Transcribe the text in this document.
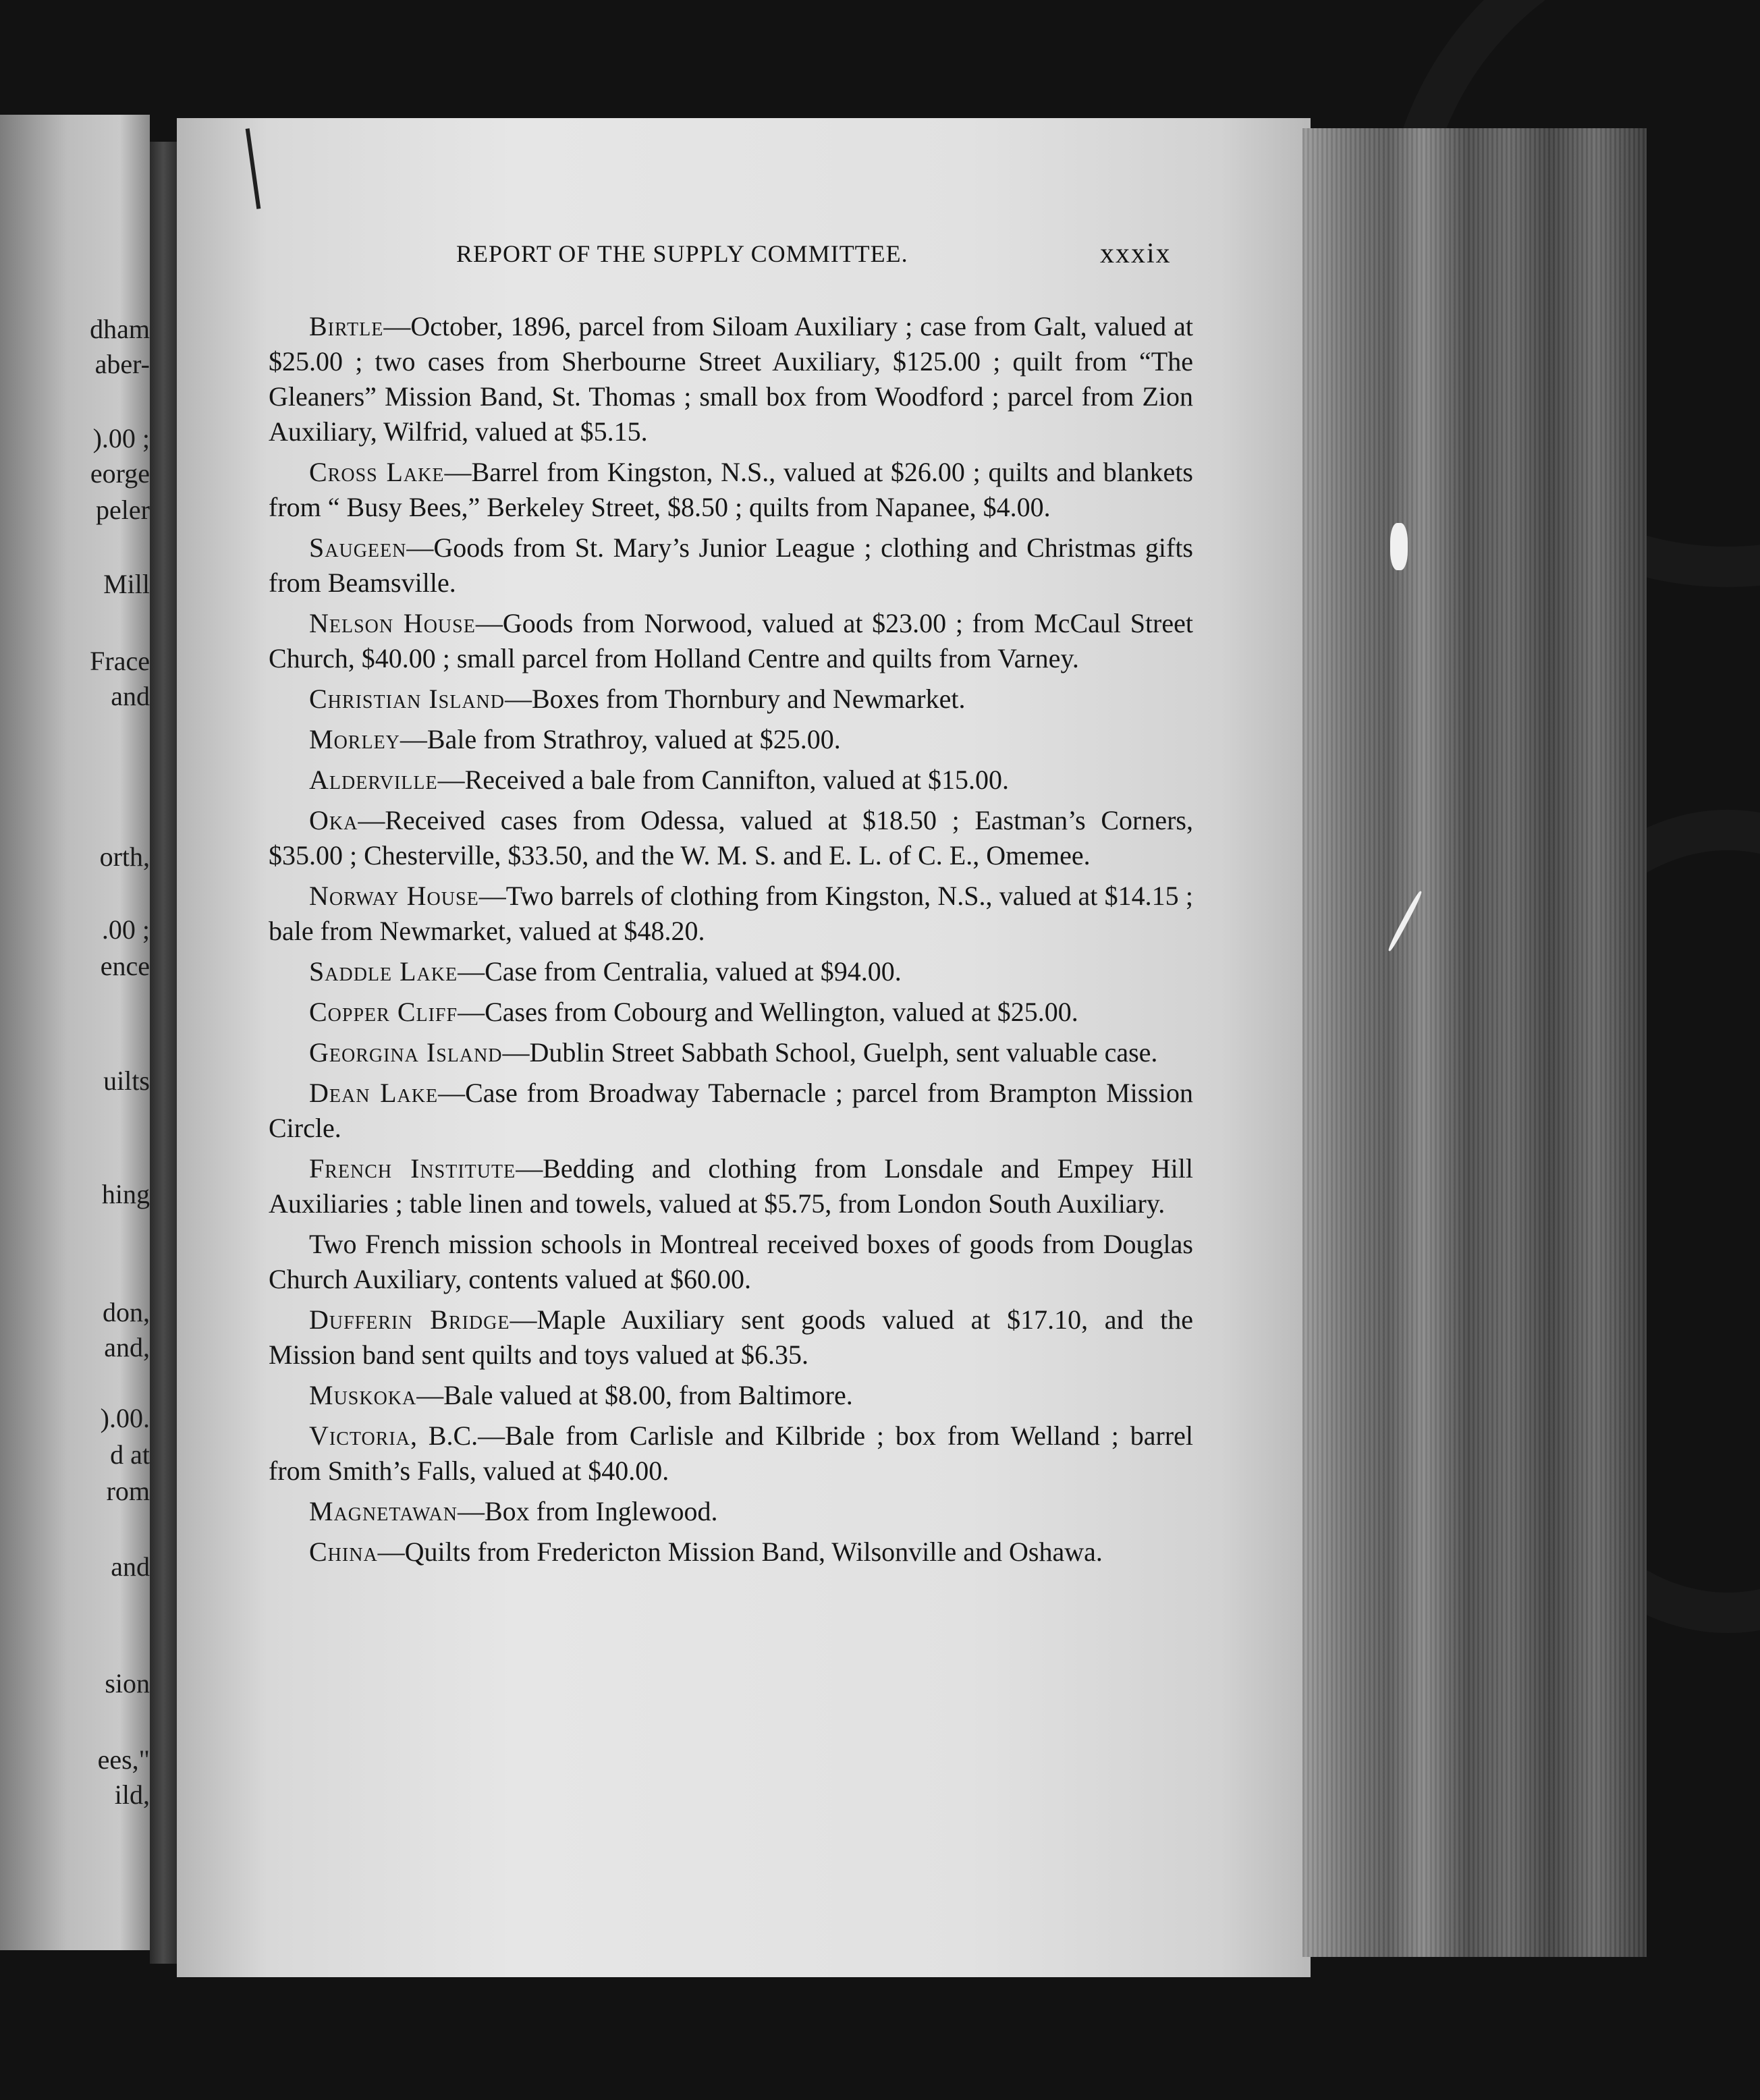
dham
aber-
).00 ;
eorge
peler
Mill
Frace
and
orth,
.00 ;
ence
uilts
hing
don,
and,
).00.
d at
rom
and
sion
ees,"
ild,
REPORT OF THE SUPPLY COMMITTEE.	xxxix

Birtle—October, 1896, parcel from Siloam Auxiliary ; case from Galt, valued at $25.00 ; two cases from Sherbourne Street Auxiliary, $125.00 ; quilt from “The Gleaners” Mission Band, St. Thomas ; small box from Woodford ; parcel from Zion Auxiliary, Wilfrid, valued at $5.15.

Cross Lake—Barrel from Kingston, N.S., valued at $26.00 ; quilts and blankets from “ Busy Bees,” Berkeley Street, $8.50 ; quilts from Napanee, $4.00.

Saugeen—Goods from St. Mary’s Junior League ; clothing and Christmas gifts from Beamsville.

Nelson House—Goods from Norwood, valued at $23.00 ; from McCaul Street Church, $40.00 ; small parcel from Holland Centre and quilts from Varney.

Christian Island—Boxes from Thornbury and Newmarket.

Morley—Bale from Strathroy, valued at $25.00.

Alderville—Received a bale from Cannifton, valued at $15.00.

Oka—Received cases from Odessa, valued at $18.50 ; Eastman’s Corners, $35.00 ; Chesterville, $33.50, and the W. M. S. and E. L. of C. E., Omemee.

Norway House—Two barrels of clothing from Kingston, N.S., valued at $14.15 ; bale from Newmarket, valued at $48.20.

Saddle Lake—Case from Centralia, valued at $94.00.

Copper Cliff—Cases from Cobourg and Wellington, valued at $25.00.

Georgina Island—Dublin Street Sabbath School, Guelph, sent valuable case.

Dean Lake—Case from Broadway Tabernacle ; parcel from Brampton Mission Circle.

French Institute—Bedding and clothing from Lonsdale and Empey Hill Auxiliaries ; table linen and towels, valued at $5.75, from London South Auxiliary.

Two French mission schools in Montreal received boxes of goods from Douglas Church Auxiliary, contents valued at $60.00.

Dufferin Bridge—Maple Auxiliary sent goods valued at $17.10, and the Mission band sent quilts and toys valued at $6.35.

Muskoka—Bale valued at $8.00, from Baltimore.

Victoria, B.C.—Bale from Carlisle and Kilbride ; box from Welland ; barrel from Smith’s Falls, valued at $40.00.

Magnetawan—Box from Inglewood.

China—Quilts from Fredericton Mission Band, Wilsonville and Oshawa.
